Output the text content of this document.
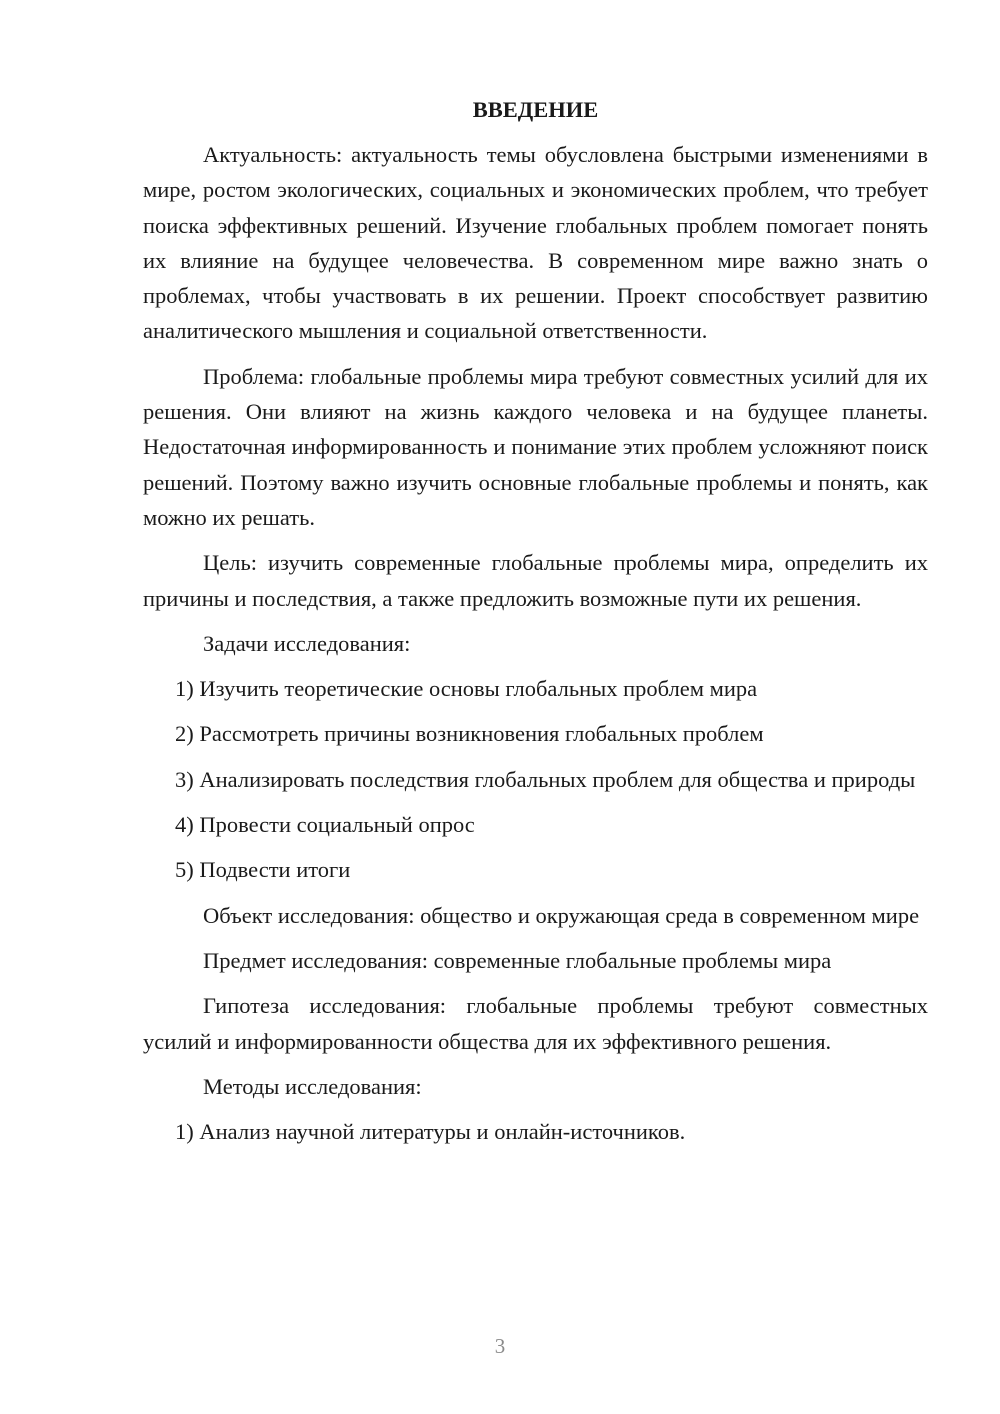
ВВЕДЕНИЕ

Актуальность: актуальность темы обусловлена быстрыми изменениями в мире, ростом экологических, социальных и экономических проблем, что требует поиска эффективных решений. Изучение глобальных проблем помогает понять их влияние на будущее человечества. В современном мире важно знать о проблемах, чтобы участвовать в их решении. Проект способствует развитию аналитического мышления и социальной ответственности.

Проблема: глобальные проблемы мира требуют совместных усилий для их решения. Они влияют на жизнь каждого человека и на будущее планеты. Недостаточная информированность и понимание этих проблем усложняют поиск решений. Поэтому важно изучить основные глобальные проблемы и понять, как можно их решать.

Цель: изучить современные глобальные проблемы мира, определить их причины и последствия, а также предложить возможные пути их решения.

Задачи исследования:

1) Изучить теоретические основы глобальных проблем мира

2) Рассмотреть причины возникновения глобальных проблем

3) Анализировать последствия глобальных проблем для общества и природы

4) Провести социальный опрос

5) Подвести итоги

Объект исследования: общество и окружающая среда в современном мире

Предмет исследования: современные глобальные проблемы мира

Гипотеза исследования: глобальные проблемы требуют совместных усилий и информированности общества для их эффективного решения.

Методы исследования:

1) Анализ научной литературы и онлайн-источников.

3
